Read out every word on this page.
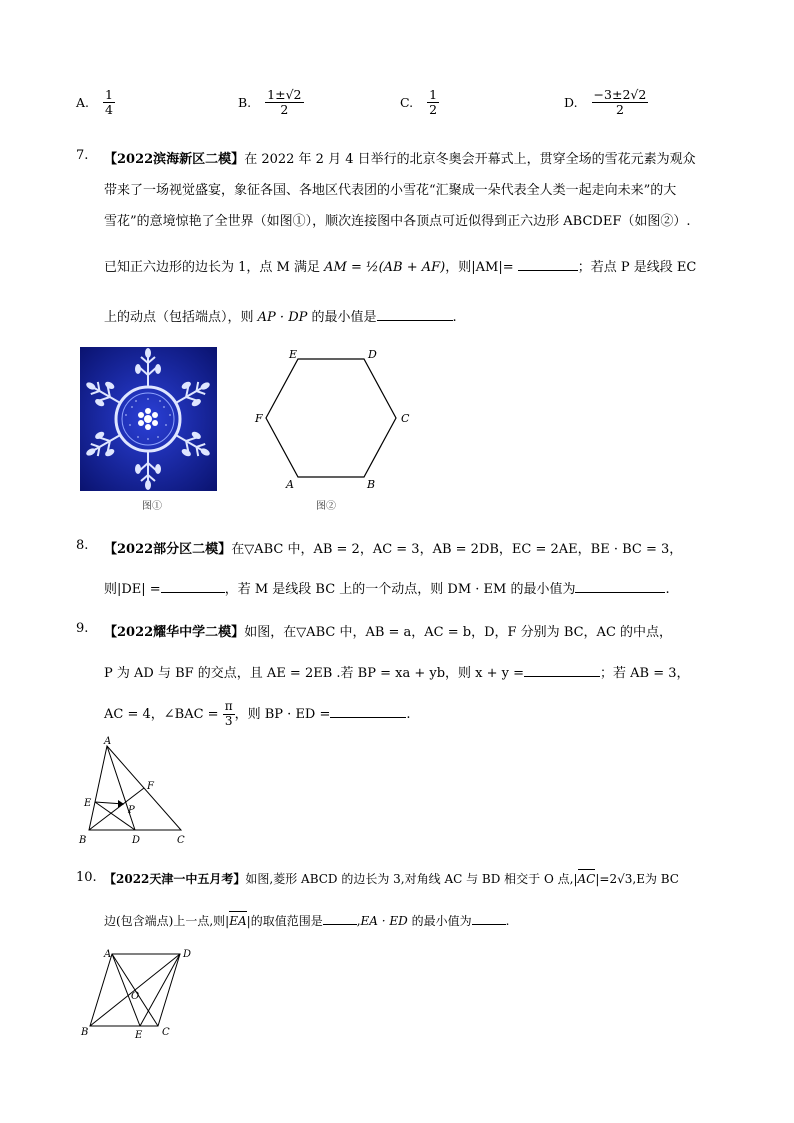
A. $\frac{1}{4}$	B. $\frac{1\pm√2}{2}$	C. $\frac{1}{2}$	D. $\frac{-3\pm 2√2}{2}$
7. 【2022滨海新区二模】在 2022 年 2 月 4 日举行的北京冬奥会开幕式上，贯穿全场的雪花元素为观众
带来了一场视觉盛宴，象征各国、各地区代表团的小雪花“汇聚成一朵代表全人类一起走向未来”的大
雪花”的意境惊艳了全世界（如图①），顺次连接图中各顶点可近似得到正六边形 ABCDEF（如图②）.
已知正六边形的边长为 1，点 M 满足 AM = ½(AB + AF)，则|AM|=	；若点 P 是线段 EC
上的动点（包括端点），则 AP · DP 的最小值是	.
图①
A	B
C
D
E
F
图②
8. 【2022部分区二模】在▽ABC 中，AB = 2，AC = 3，AB = 2DB，EC = 2AE，BE · BC = 3，
则|DE| =	，若 M 是线段 BC 上的一个动点，则 DM · EM 的最小值为	.
9. 【2022耀华中学二模】如图，在▽ABC 中，AB = a，AC = b，D，F 分别为 BC，AC 的中点，
P 为 AD 与 BF 的交点，且 AE = 2EB .若 BP = xa + yb，则 x + y =	；若 AB = 3，
AC = 4，∠BAC = $\frac{\pi}{3}$ ，则 BP · ED =	.
A
B	C
D
E
F
P
10. 【2022天津一中五月考】如图,菱形 ABCD 的边长为 3,对角线 AC 与 BD 相交于 O 点,|AC|=2√3,E为 BC
边(包含端点)上一点,则|EA|的取值范围是	,EA · ED 的最小值为	.
A
B	C
D
E
O
